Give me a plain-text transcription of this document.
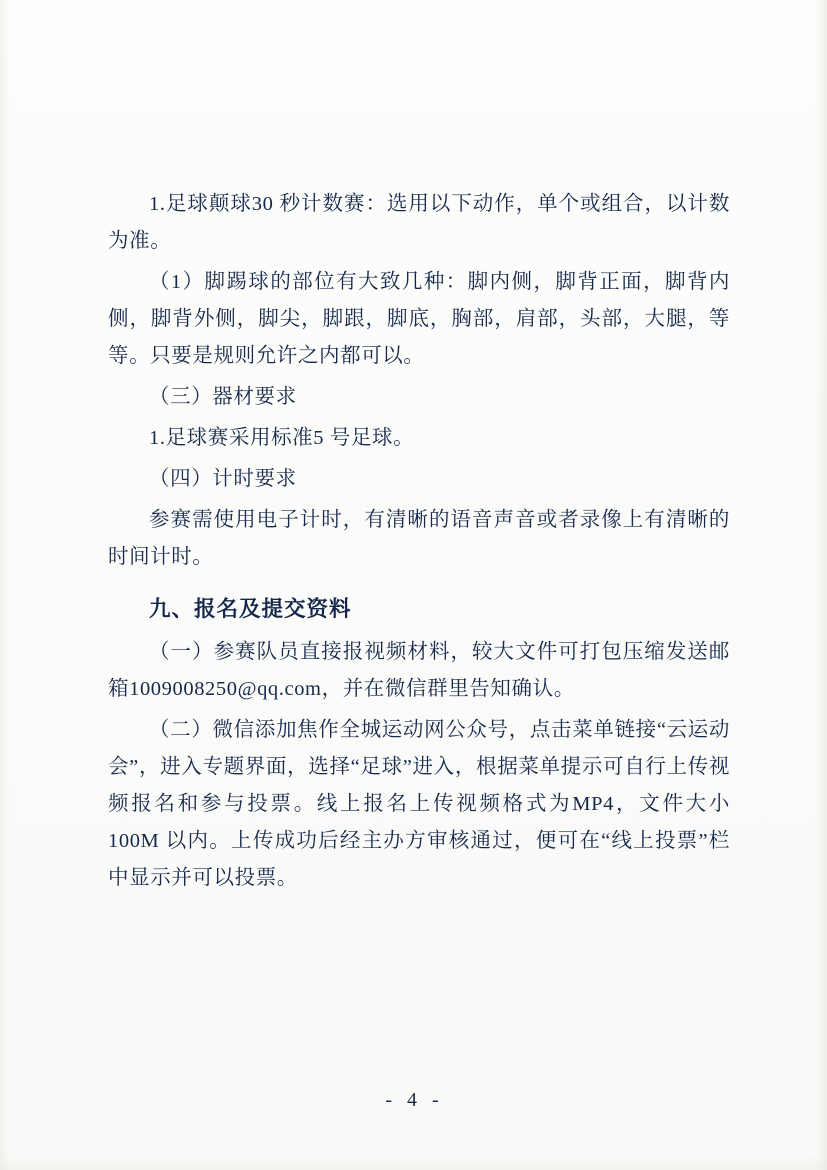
1.足球颠球30 秒计数赛：选用以下动作，单个或组合，以计数为准。

（1）脚踢球的部位有大致几种：脚内侧，脚背正面，脚背内侧，脚背外侧，脚尖，脚跟，脚底，胸部，肩部，头部，大腿，等等。只要是规则允许之内都可以。

（三）器材要求

1.足球赛采用标准5 号足球。

（四）计时要求

参赛需使用电子计时，有清晰的语音声音或者录像上有清晰的时间计时。

九、报名及提交资料

（一）参赛队员直接报视频材料，较大文件可打包压缩发送邮箱1009008250@qq.com，并在微信群里告知确认。

（二）微信添加焦作全城运动网公众号，点击菜单链接“云运动会”，进入专题界面，选择“足球”进入，根据菜单提示可自行上传视频报名和参与投票。线上报名上传视频格式为MP4，文件大小 100M 以内。上传成功后经主办方审核通过，便可在“线上投票”栏中显示并可以投票。

- 4 -
